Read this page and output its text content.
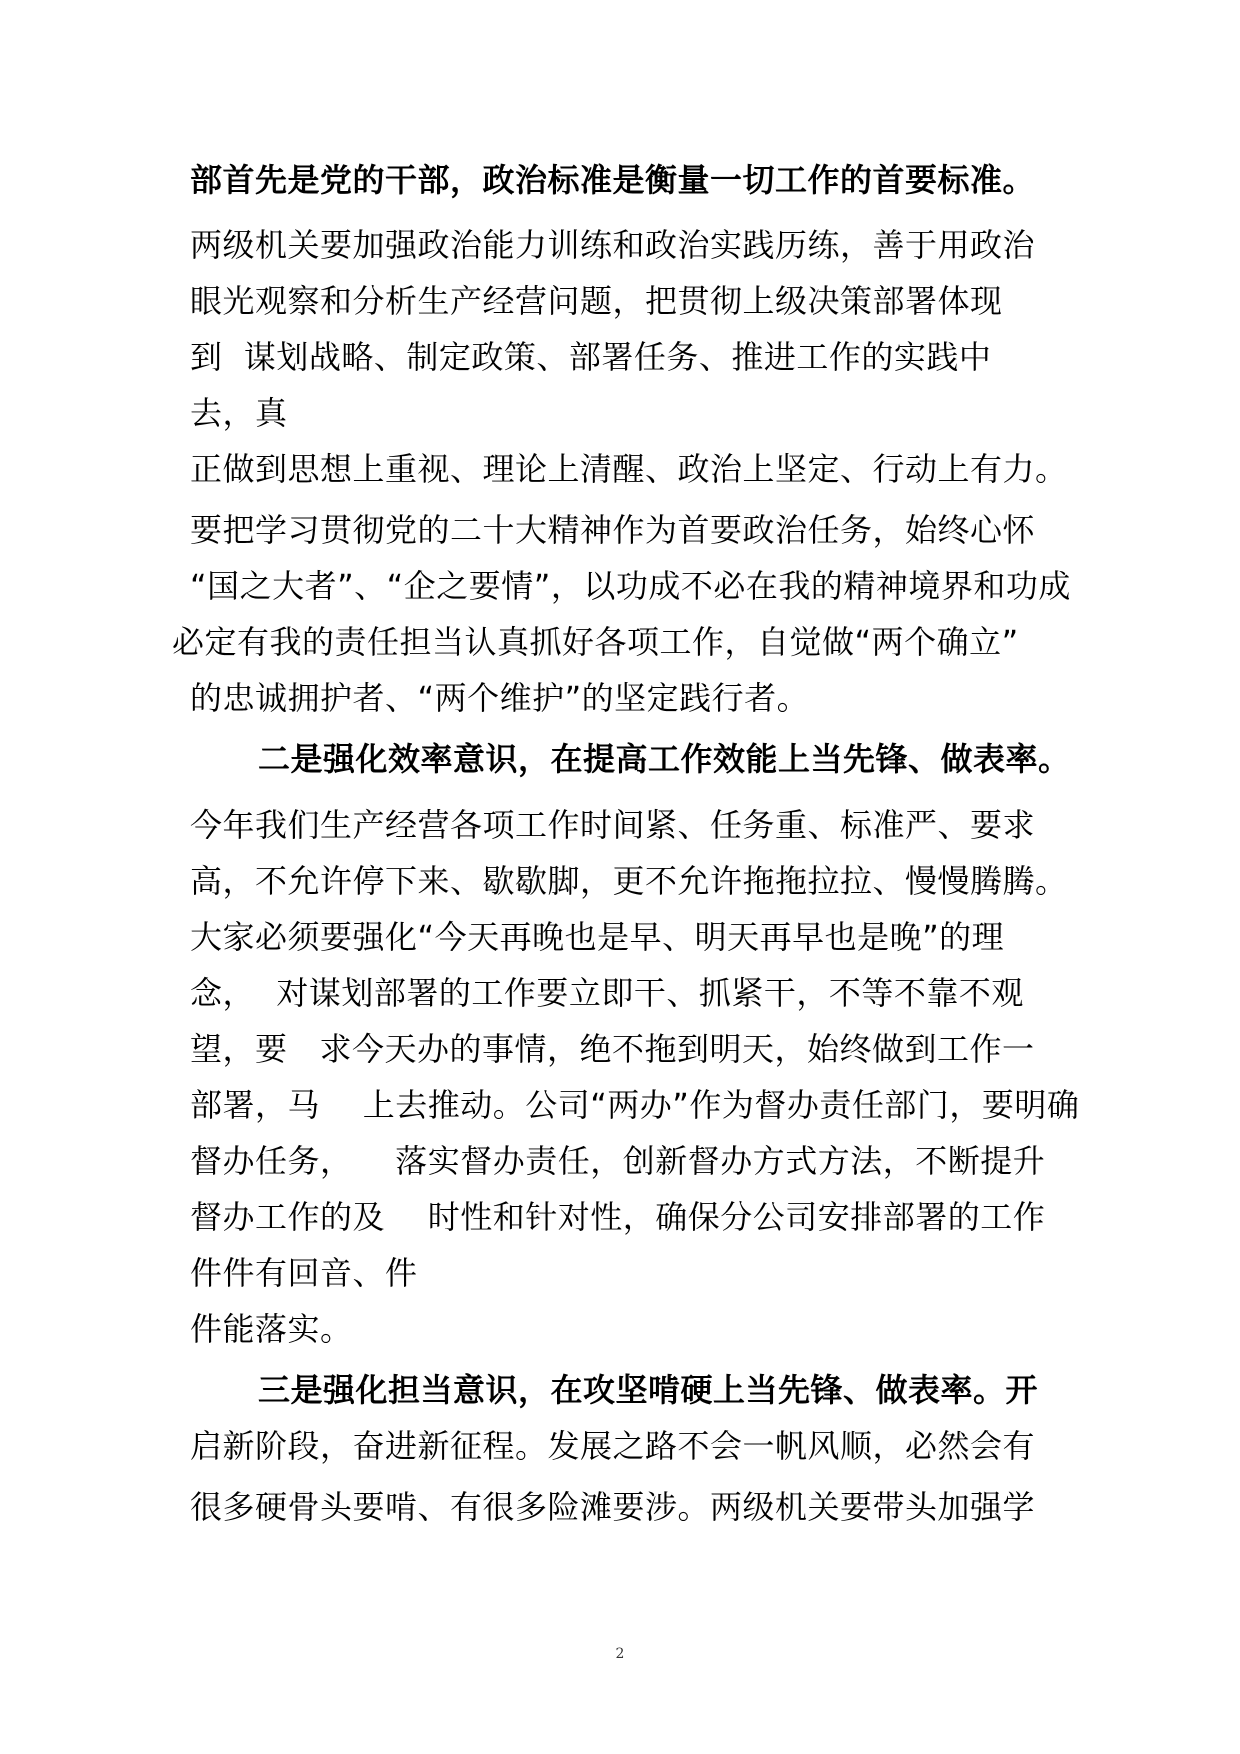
部首先是党的干部，政治标准是衡量一切工作的首要标准。
两级机关要加强政治能力训练和政治实践历练，善于用政治
眼光观察和分析生产经营问题，把贯彻上级决策部署体现
到  谋划战略、制定政策、部署任务、推进工作的实践中
去，真
正做到思想上重视、理论上清醒、政治上坚定、行动上有力。
要把学习贯彻党的二十大精神作为首要政治任务，始终心怀
“国之大者”、“企之要情”，以功成不必在我的精神境界和功成
必定有我的责任担当认真抓好各项工作，自觉做“两个确立”
的忠诚拥护者、“两个维护”的坚定践行者。
二是强化效率意识，在提高工作效能上当先锋、做表率。
今年我们生产经营各项工作时间紧、任务重、标准严、要求
高，不允许停下来、歇歇脚，更不允许拖拖拉拉、慢慢腾腾。
大家必须要强化“今天再晚也是早、明天再早也是晚”的理
念，  对谋划部署的工作要立即干、抓紧干，不等不靠不观
望，要   求今天办的事情，绝不拖到明天，始终做到工作一
部署，马    上去推动。公司“两办”作为督办责任部门，要明确
督办任务，    落实督办责任，创新督办方式方法，不断提升
督办工作的及    时性和针对性，确保分公司安排部署的工作
件件有回音、件
件能落实。
三是强化担当意识，在攻坚啃硬上当先锋、做表率。开
启新阶段，奋进新征程。发展之路不会一帆风顺，必然会有
很多硬骨头要啃、有很多险滩要涉。两级机关要带头加强学
2
